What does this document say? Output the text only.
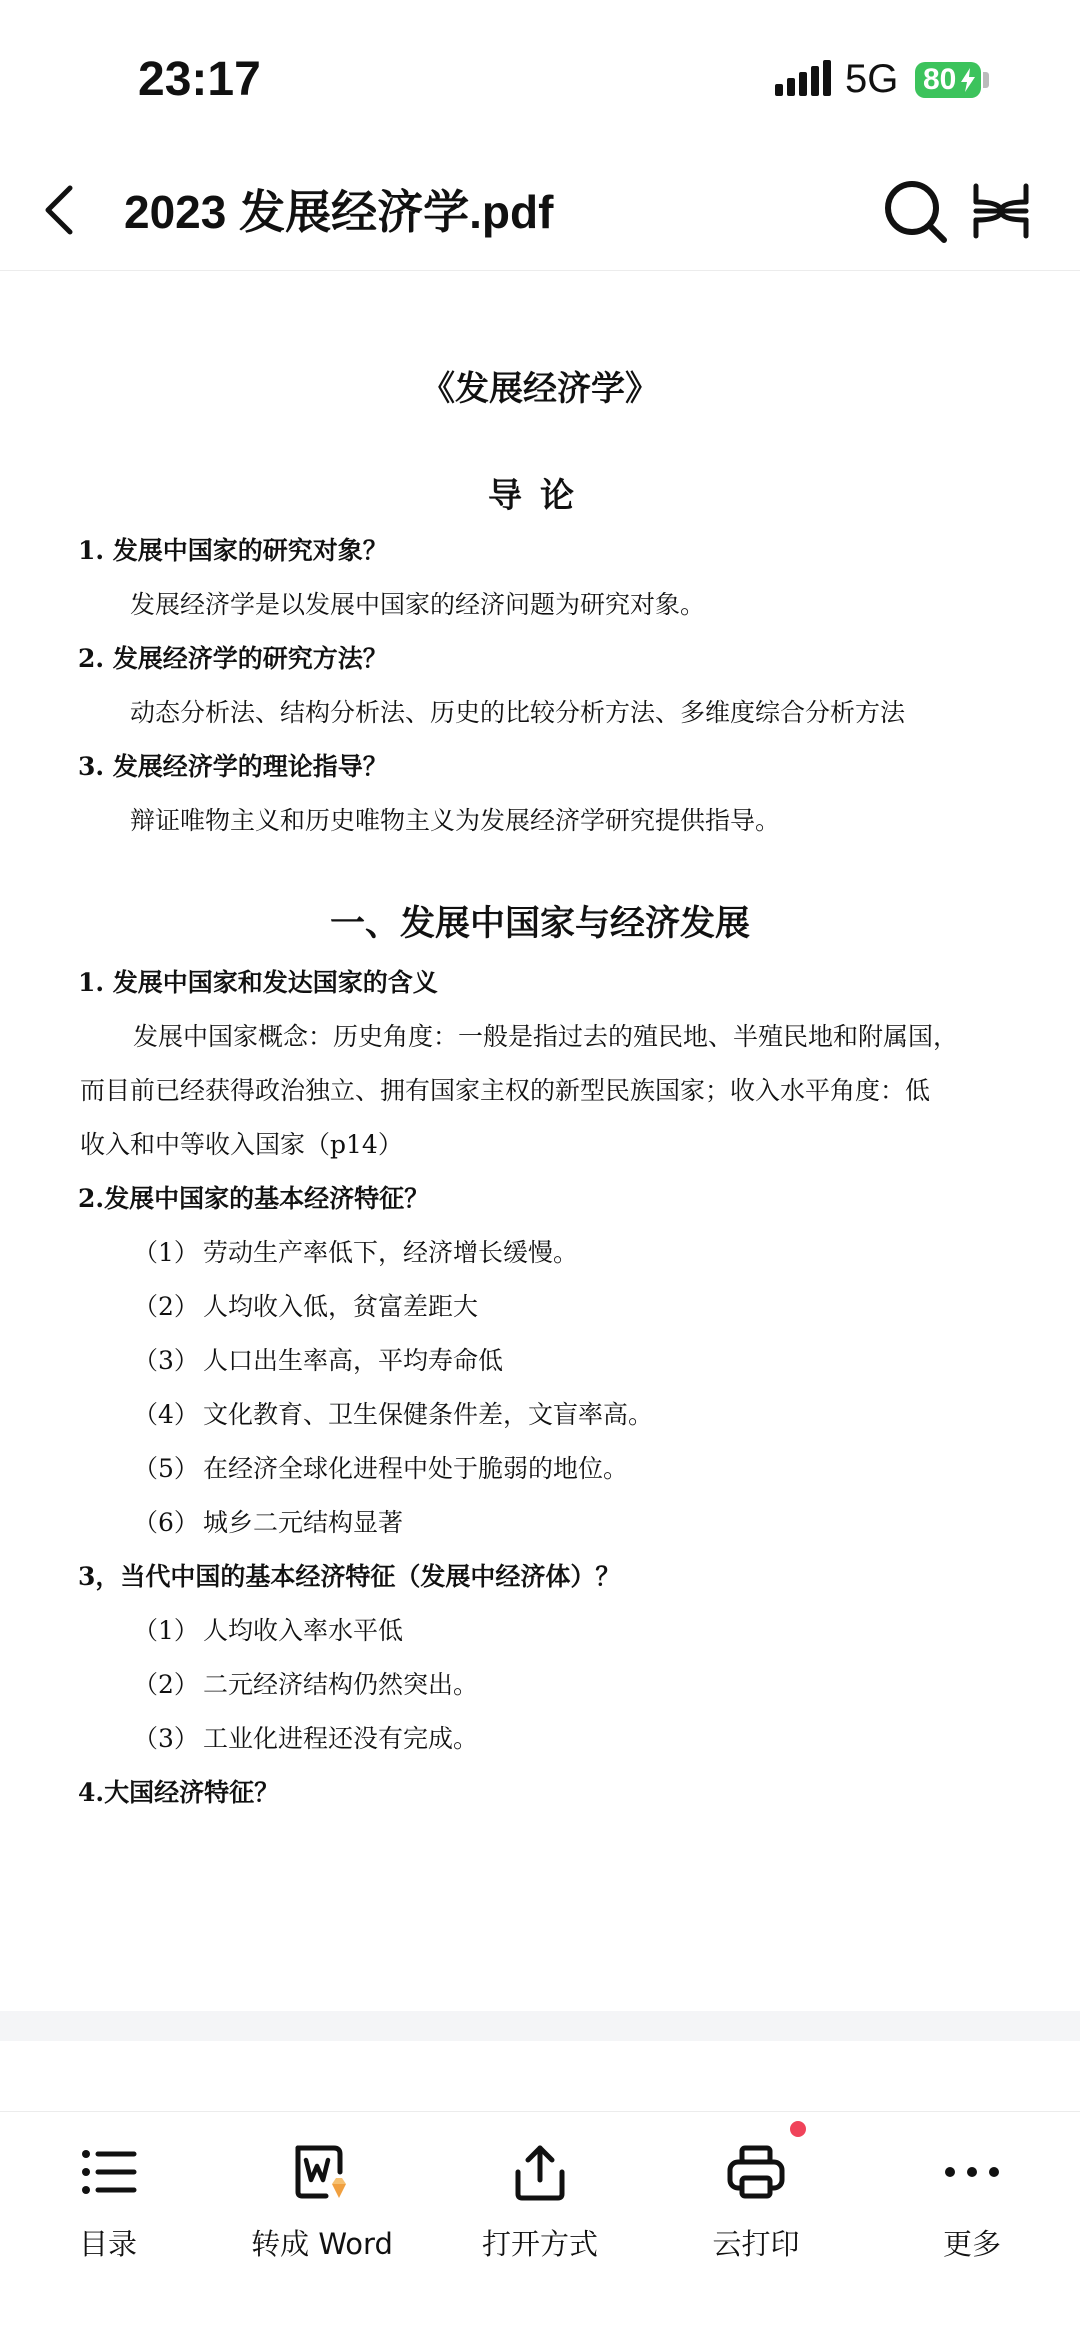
23:17	5G 80
2023 发展经济学.pdf
《发展经济学》
导论
1. 发展中国家的研究对象？
发展经济学是以发展中国家的经济问题为研究对象。
2. 发展经济学的研究方法？
动态分析法、结构分析法、历史的比较分析方法、多维度综合分析方法
3. 发展经济学的理论指导？
辩证唯物主义和历史唯物主义为发展经济学研究提供指导。
一、发展中国家与经济发展
1. 发展中国家和发达国家的含义
发展中国家概念：历史角度：一般是指过去的殖民地、半殖民地和附属国，
而目前已经获得政治独立、拥有国家主权的新型民族国家；收入水平角度：低
收入和中等收入国家（p14）
2.发展中国家的基本经济特征？
（1） 劳动生产率低下，经济增长缓慢。
（2） 人均收入低，贫富差距大
（3） 人口出生率高，平均寿命低
（4） 文化教育、卫生保健条件差，文盲率高。
（5） 在经济全球化进程中处于脆弱的地位。
（6） 城乡二元结构显著
3，当代中国的基本经济特征（发展中经济体）？
（1） 人均收入率水平低
（2） 二元经济结构仍然突出。
（3） 工业化进程还没有完成。
4.大国经济特征？
目录	转成 Word	打开方式	云打印	更多
